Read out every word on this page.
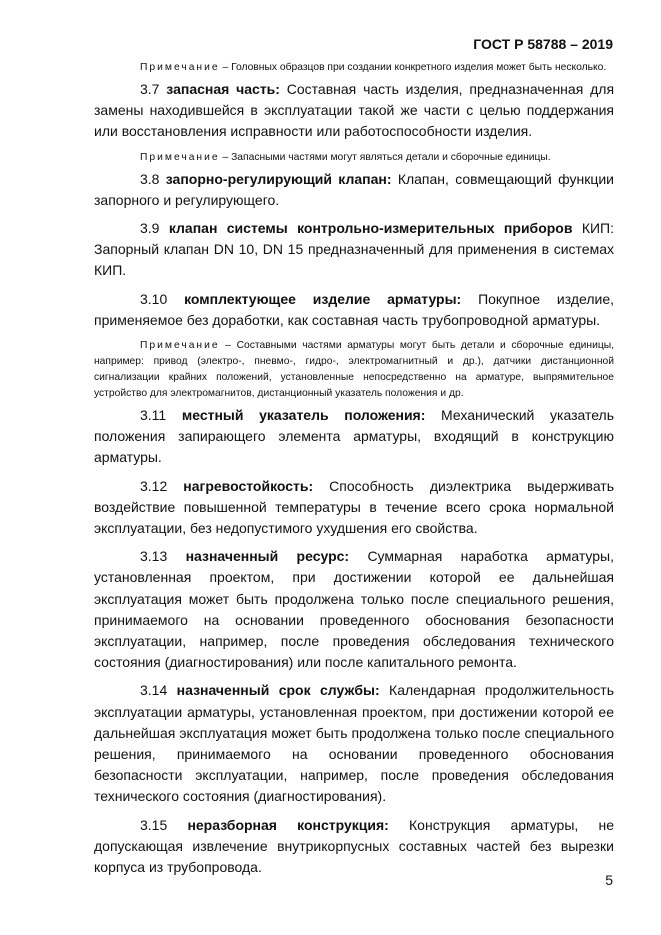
ГОСТ Р 58788 – 2019

Примечание – Головных образцов при создании конкретного изделия может быть несколько.

3.7 запасная часть: Составная часть изделия, предназначенная для замены находившейся в эксплуатации такой же части с целью поддержания или восстановления исправности или работоспособности изделия.

Примечание – Запасными частями могут являться детали и сборочные единицы.

3.8 запорно-регулирующий клапан: Клапан, совмещающий функции запорного и регулирующего.

3.9 клапан системы контрольно-измерительных приборов КИП: Запорный клапан DN 10, DN 15 предназначенный для применения в системах КИП.

3.10 комплектующее изделие арматуры: Покупное изделие, применяемое без доработки, как составная часть трубопроводной арматуры.

Примечание – Составными частями арматуры могут быть детали и сборочные единицы, например: привод (электро-, пневмо-, гидро-, электромагнитный и др.), датчики дистанционной сигнализации крайних положений, установленные непосредственно на арматуре, выпрямительное устройство для электромагнитов, дистанционный указатель положения и др.

3.11 местный указатель положения: Механический указатель положения запирающего элемента арматуры, входящий в конструкцию арматуры.

3.12 нагревостойкость: Способность диэлектрика выдерживать воздействие повышенной температуры в течение всего срока нормальной эксплуатации, без недопустимого ухудшения его свойства.

3.13 назначенный ресурс: Суммарная наработка арматуры, установленная проектом, при достижении которой ее дальнейшая эксплуатация может быть продолжена только после специального решения, принимаемого на основании проведенного обоснования безопасности эксплуатации, например, после проведения обследования технического состояния (диагностирования) или после капитального ремонта.

3.14 назначенный срок службы: Календарная продолжительность эксплуатации арматуры, установленная проектом, при достижении которой ее дальнейшая эксплуатация может быть продолжена только после специального решения, принимаемого на основании проведенного обоснования безопасности эксплуатации, например, после проведения обследования технического состояния (диагностирования).

3.15 неразборная конструкция: Конструкция арматуры, не допускающая извлечение внутрикорпусных составных частей без вырезки корпуса из трубопровода.

5
